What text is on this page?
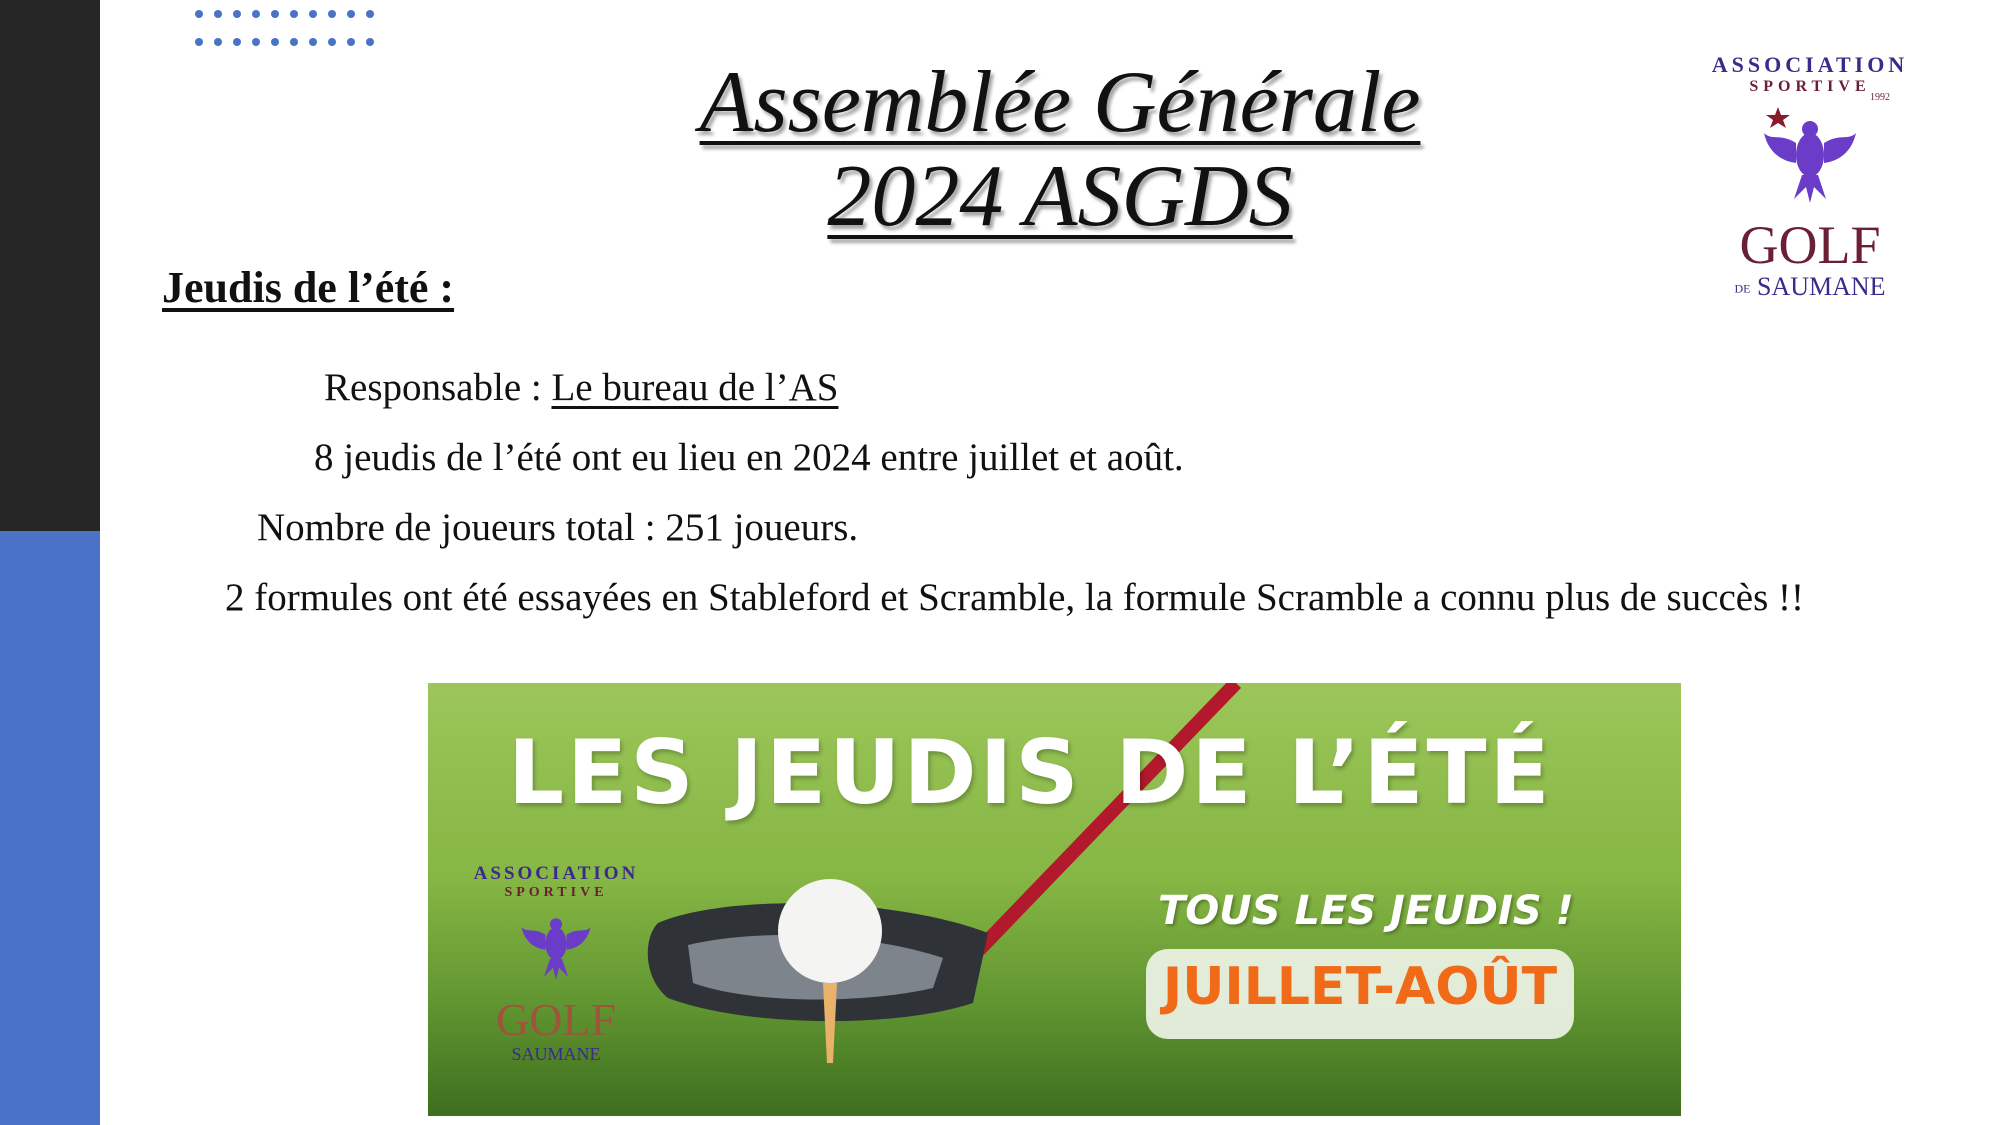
Assemblée Générale
2024 ASGDS
ASSOCIATION
SPORTIVE
1992
GOLF
DE SAUMANE
Jeudis de l’été :
Responsable : Le bureau de l’AS
8 jeudis de l’été ont eu lieu en 2024 entre juillet et août.
Nombre de joueurs total : 251 joueurs.
2 formules ont été essayées en Stableford et Scramble, la formule Scramble a connu plus de succès !!
LES JEUDIS DE L’ÉTÉ
TOUS LES JEUDIS !
JUILLET-AOÛT
ASSOCIATION
SPORTIVE
GOLF
SAUMANE
